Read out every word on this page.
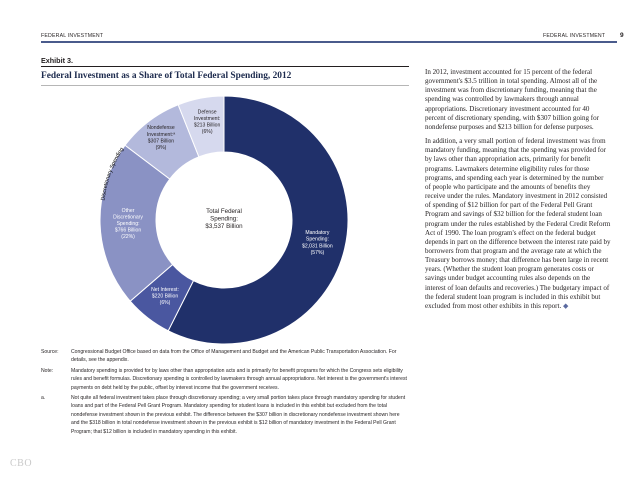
FEDERAL INVESTMENT	FEDERAL INVESTMENT 9
Exhibit 3.
Federal Investment as a Share of Total Federal Spending, 2012
Mandatory Spending: $2,031 Billion (57%)
Net Interest: $220 Billion (6%)
Other Discretionary Spending: $766 Billion (22%)
Nondefense Investment:ª $307 Billion (9%)
Defense Investment: $213 Billion (6%)
Total Federal Spending: $3,537 Billion
Discretionary Spending
Source:	Congressional Budget Office based on data from the Office of Management and Budget and the American Public Transportation Association. For details, see the appendix.
Note:	Mandatory spending is provided for by laws other than appropriation acts and is primarily for benefit programs for which the Congress sets eligibility rules and benefit formulas. Discretionary spending is controlled by lawmakers through annual appropriations. Net interest is the government's interest payments on debt held by the public, offset by interest income that the government receives.
a.	Not quite all federal investment takes place through discretionary spending; a very small portion takes place through mandatory spending for student loans and part of the Federal Pell Grant Program. Mandatory spending for student loans is included in this exhibit but excluded from the total nondefense investment shown in the previous exhibit. The difference between the $307 billion in discretionary nondefense investment shown here and the $318 billion in total nondefense investment shown in the previous exhibit is $12 billion of mandatory investment in the Federal Pell Grant Program; that $12 billion is included in mandatory spending in this exhibit.

In 2012, investment accounted for 15 percent of the federal government's $3.5 trillion in total spending. Almost all of the investment was from discretionary funding, meaning that the spending was controlled by lawmakers through annual appropriations. Discretionary investment accounted for 40 percent of discretionary spending, with $307 billion going for nondefense purposes and $213 billion for defense purposes.

In addition, a very small portion of federal investment was from mandatory funding, meaning that the spending was provided for by laws other than appropriation acts, primarily for benefit programs. Lawmakers determine eligibility rules for those programs, and spending each year is determined by the number of people who participate and the amounts of benefits they receive under the rules. Mandatory investment in 2012 consisted of spending of $12 billion for part of the Federal Pell Grant Program and savings of $32 billion for the federal student loan program under the rules established by the Federal Credit Reform Act of 1990. The loan program's effect on the federal budget depends in part on the difference between the interest rate paid by borrowers from that program and the average rate at which the Treasury borrows money; that difference has been large in recent years. (Whether the student loan program generates costs or savings under budget accounting rules also depends on the interest of loan defaults and recoveries.) The budgetary impact of the federal student loan program is included in this exhibit but excluded from most other exhibits in this report. ◆

CBO
